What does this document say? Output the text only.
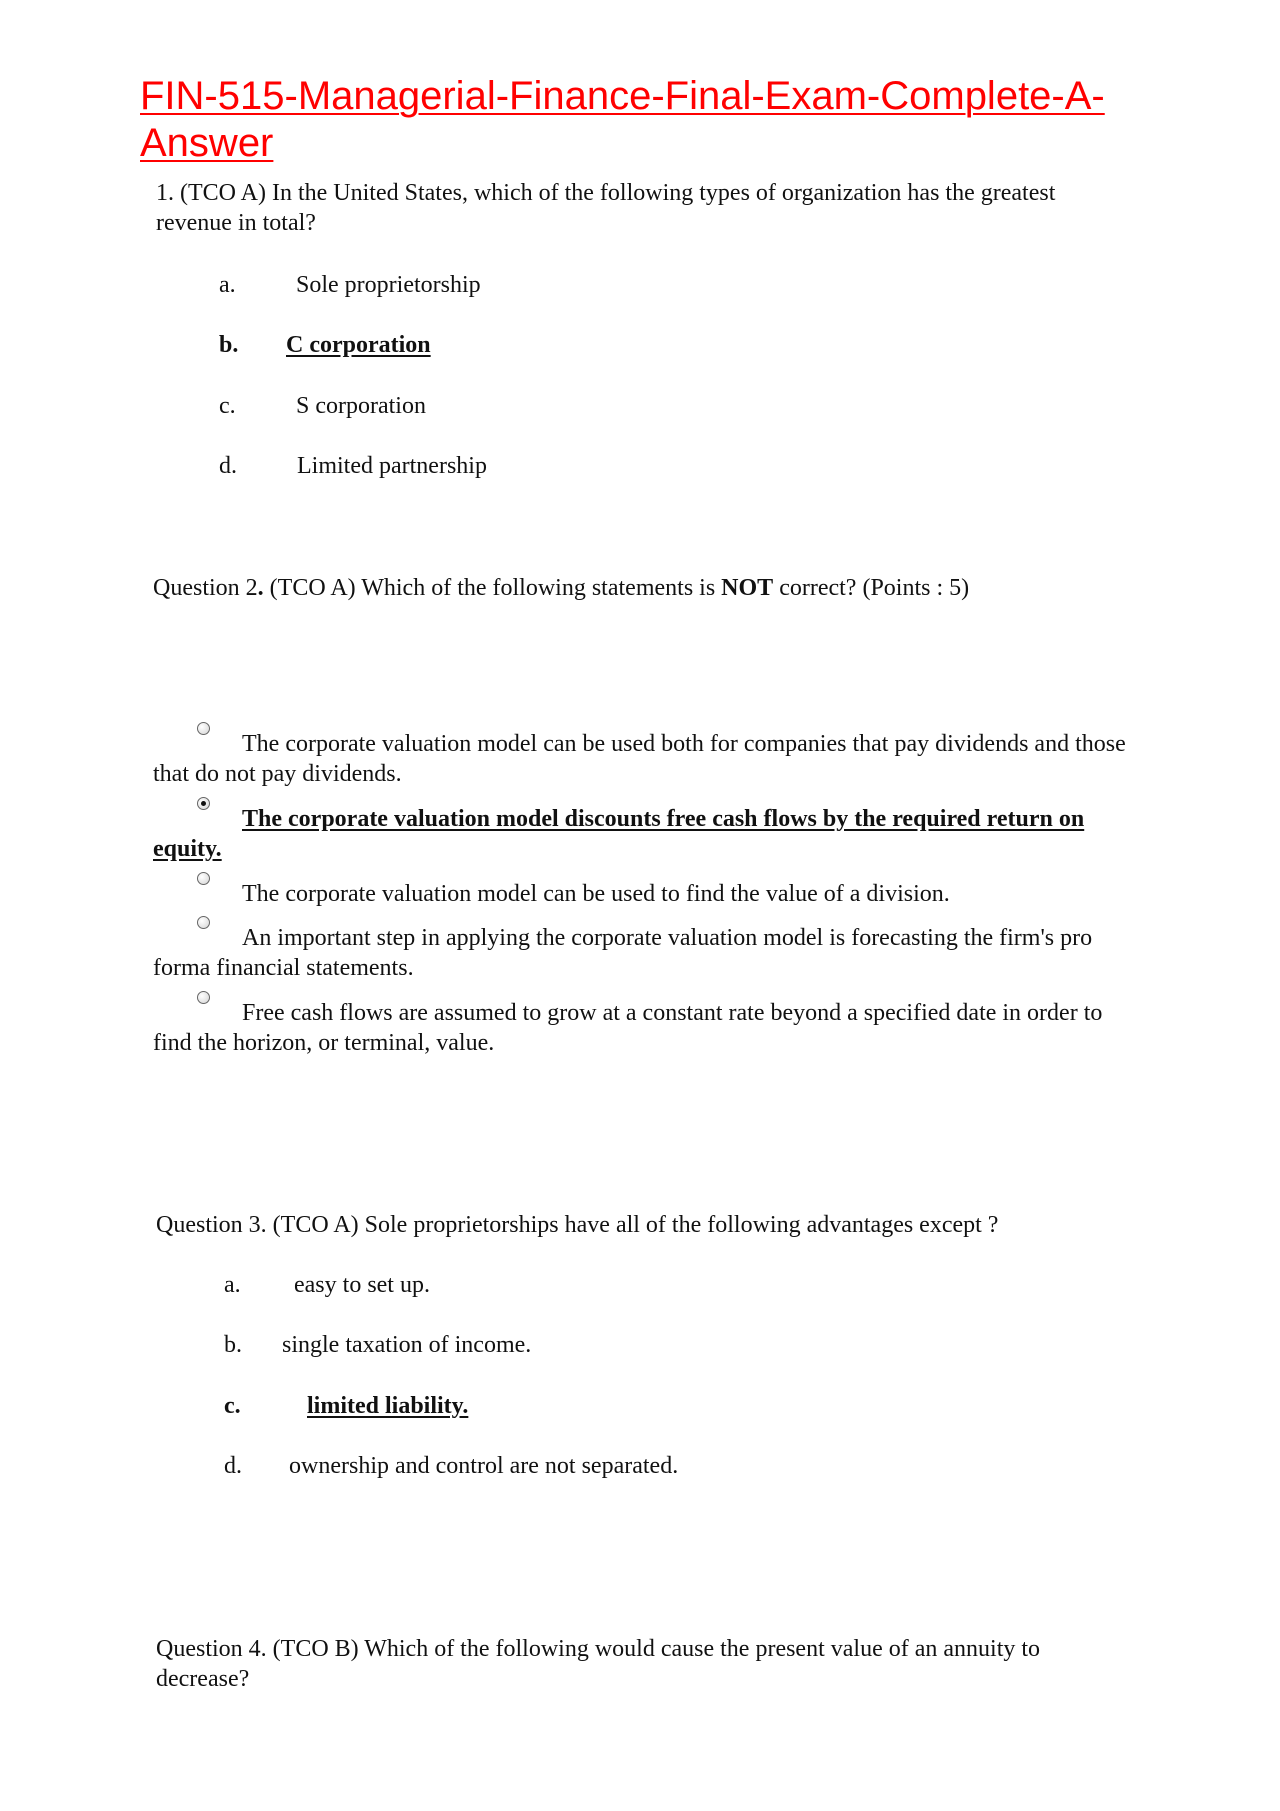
FIN-515-Managerial-Finance-Final-Exam-Complete-A-Answer
1. (TCO A) In the United States, which of the following types of organization has the greatest revenue in total?
a.	Sole proprietorship
b. C corporation
c.	S corporation
d.	Limited partnership
Question 2. (TCO A) Which of the following statements is NOT correct? (Points : 5)
The corporate valuation model can be used both for companies that pay dividends and those that do not pay dividends.
The corporate valuation model discounts free cash flows by the required return on equity.
The corporate valuation model can be used to find the value of a division.
An important step in applying the corporate valuation model is forecasting the firm's pro forma financial statements.
Free cash flows are assumed to grow at a constant rate beyond a specified date in order to find the horizon, or terminal, value.
Question 3. (TCO A) Sole proprietorships have all of the following advantages except ?
a. easy to set up.
b. single taxation of income.
c.	limited liability.
d. ownership and control are not separated.
Question 4. (TCO B) Which of the following would cause the present value of an annuity to decrease?
